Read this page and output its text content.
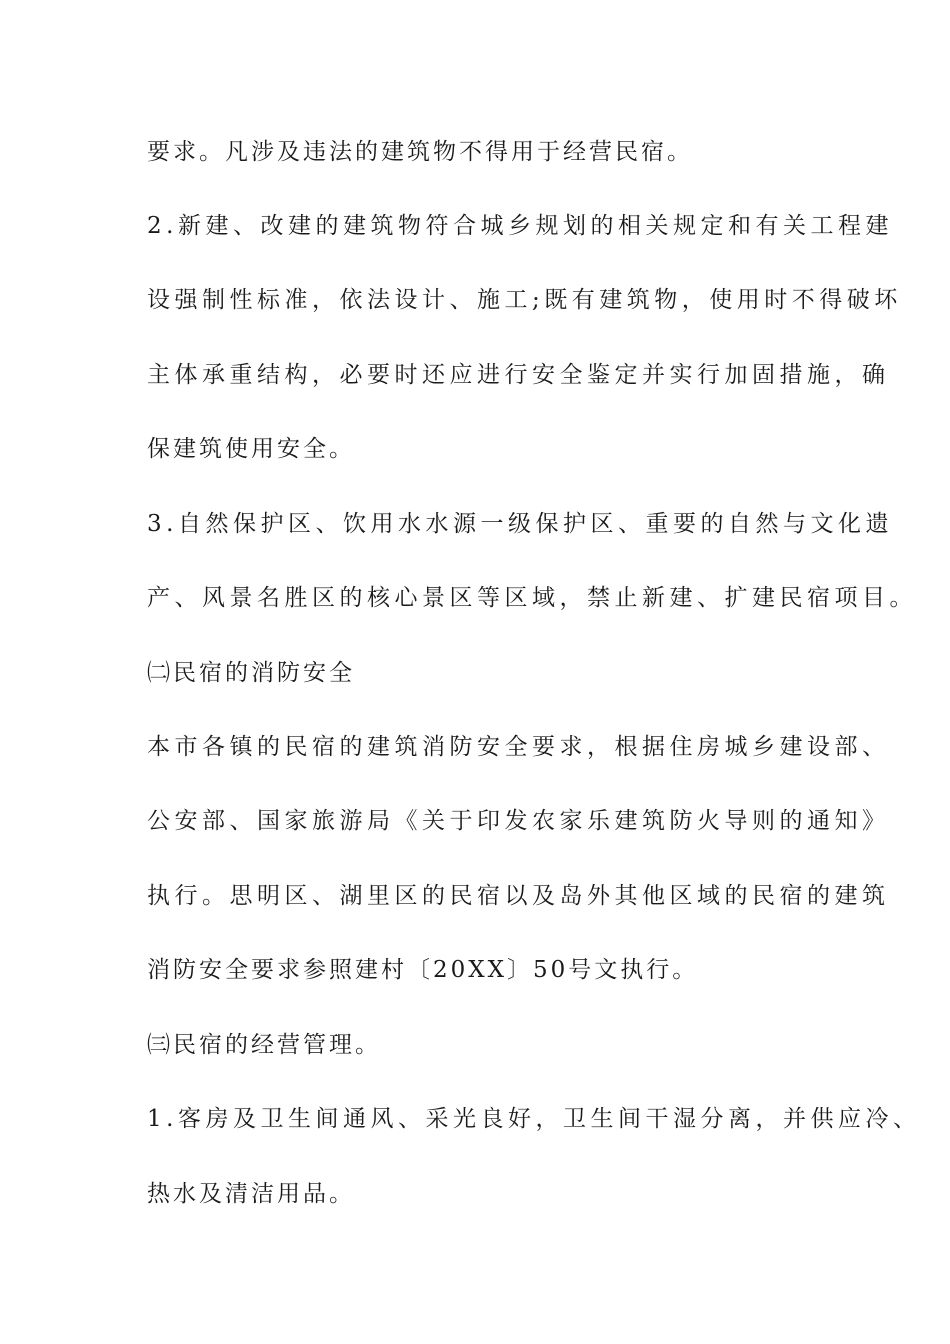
要求。凡涉及违法的建筑物不得用于经营民宿。
2.新建、改建的建筑物符合城乡规划的相关规定和有关工程建
设强制性标准，依法设计、施工;既有建筑物，使用时不得破坏
主体承重结构，必要时还应进行安全鉴定并实行加固措施，确
保建筑使用安全。
3.自然保护区、饮用水水源一级保护区、重要的自然与文化遗
产、风景名胜区的核心景区等区域，禁止新建、扩建民宿项目。
㈡民宿的消防安全
本市各镇的民宿的建筑消防安全要求，根据住房城乡建设部、
公安部、国家旅游局《关于印发农家乐建筑防火导则的通知》
执行。思明区、湖里区的民宿以及岛外其他区域的民宿的建筑
消防安全要求参照建村〔20XX〕50号文执行。
㈢民宿的经营管理。
1.客房及卫生间通风、采光良好，卫生间干湿分离，并供应冷、
热水及清洁用品。
